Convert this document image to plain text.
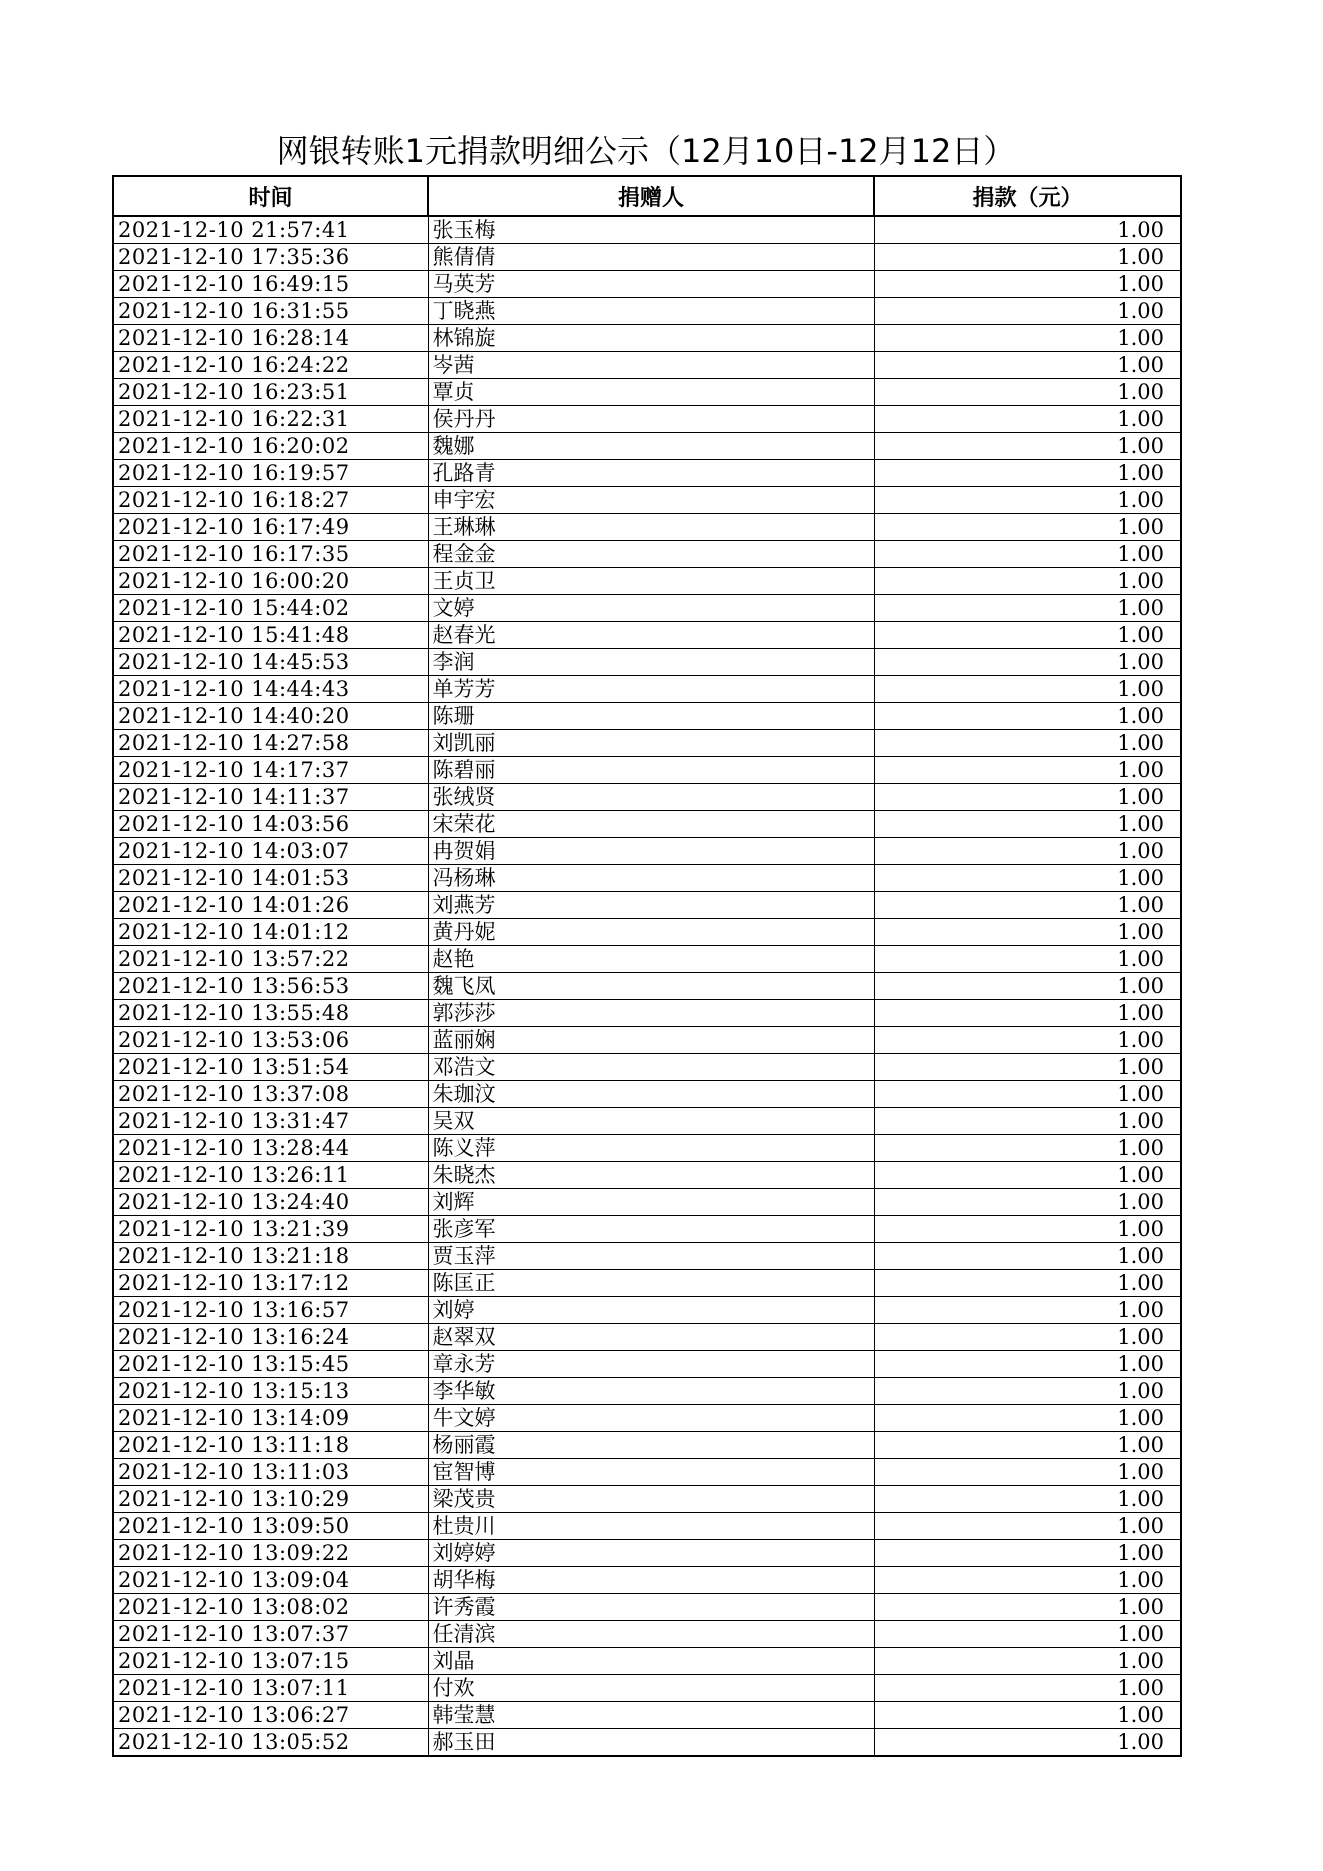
网银转账1元捐款明细公示（12月10日-12月12日）
时间	捐赠人	捐款（元）
2021-12-10 21:57:41	张玉梅	1.00
2021-12-10 17:35:36	熊倩倩	1.00
2021-12-10 16:49:15	马英芳	1.00
2021-12-10 16:31:55	丁晓燕	1.00
2021-12-10 16:28:14	林锦旋	1.00
2021-12-10 16:24:22	岑茜	1.00
2021-12-10 16:23:51	覃贞	1.00
2021-12-10 16:22:31	侯丹丹	1.00
2021-12-10 16:20:02	魏娜	1.00
2021-12-10 16:19:57	孔路青	1.00
2021-12-10 16:18:27	申宇宏	1.00
2021-12-10 16:17:49	王琳琳	1.00
2021-12-10 16:17:35	程金金	1.00
2021-12-10 16:00:20	王贞卫	1.00
2021-12-10 15:44:02	文婷	1.00
2021-12-10 15:41:48	赵春光	1.00
2021-12-10 14:45:53	李润	1.00
2021-12-10 14:44:43	单芳芳	1.00
2021-12-10 14:40:20	陈珊	1.00
2021-12-10 14:27:58	刘凯丽	1.00
2021-12-10 14:17:37	陈碧丽	1.00
2021-12-10 14:11:37	张绒贤	1.00
2021-12-10 14:03:56	宋荣花	1.00
2021-12-10 14:03:07	冉贺娟	1.00
2021-12-10 14:01:53	冯杨琳	1.00
2021-12-10 14:01:26	刘燕芳	1.00
2021-12-10 14:01:12	黄丹妮	1.00
2021-12-10 13:57:22	赵艳	1.00
2021-12-10 13:56:53	魏飞凤	1.00
2021-12-10 13:55:48	郭莎莎	1.00
2021-12-10 13:53:06	蓝丽娴	1.00
2021-12-10 13:51:54	邓浩文	1.00
2021-12-10 13:37:08	朱珈汶	1.00
2021-12-10 13:31:47	吴双	1.00
2021-12-10 13:28:44	陈义萍	1.00
2021-12-10 13:26:11	朱晓杰	1.00
2021-12-10 13:24:40	刘辉	1.00
2021-12-10 13:21:39	张彦军	1.00
2021-12-10 13:21:18	贾玉萍	1.00
2021-12-10 13:17:12	陈匡正	1.00
2021-12-10 13:16:57	刘婷	1.00
2021-12-10 13:16:24	赵翠双	1.00
2021-12-10 13:15:45	章永芳	1.00
2021-12-10 13:15:13	李华敏	1.00
2021-12-10 13:14:09	牛文婷	1.00
2021-12-10 13:11:18	杨丽霞	1.00
2021-12-10 13:11:03	宦智博	1.00
2021-12-10 13:10:29	梁茂贵	1.00
2021-12-10 13:09:50	杜贵川	1.00
2021-12-10 13:09:22	刘婷婷	1.00
2021-12-10 13:09:04	胡华梅	1.00
2021-12-10 13:08:02	许秀霞	1.00
2021-12-10 13:07:37	任清滨	1.00
2021-12-10 13:07:15	刘晶	1.00
2021-12-10 13:07:11	付欢	1.00
2021-12-10 13:06:27	韩莹慧	1.00
2021-12-10 13:05:52	郝玉田	1.00
